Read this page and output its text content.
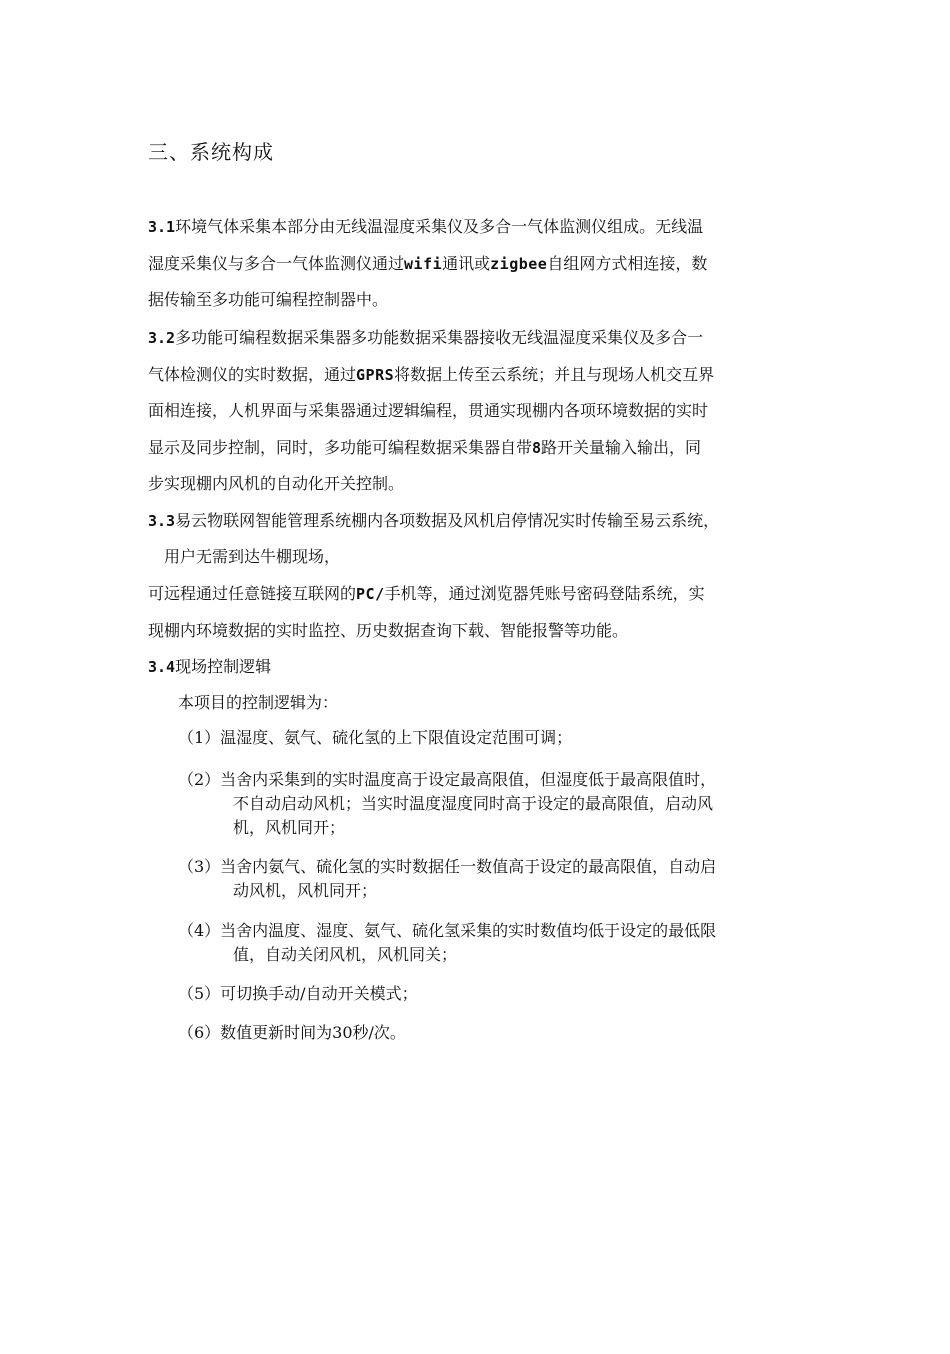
三、系统构成
3.1环境气体采集本部分由无线温湿度采集仪及多合一气体监测仪组成。无线温
湿度采集仪与多合一气体监测仪通过wifi通讯或zigbee自组网方式相连接，数
据传输至多功能可编程控制器中。
3.2多功能可编程数据采集器多功能数据采集器接收无线温湿度采集仪及多合一
气体检测仪的实时数据，通过GPRS将数据上传至云系统；并且与现场人机交互界
面相连接，人机界面与采集器通过逻辑编程，贯通实现棚内各项环境数据的实时
显示及同步控制，同时，多功能可编程数据采集器自带8路开关量输入输出，同
步实现棚内风机的自动化开关控制。
3.3易云物联网智能管理系统棚内各项数据及风机启停情况实时传输至易云系统，
用户无需到达牛棚现场，
可远程通过任意链接互联网的PC/手机等，通过浏览器凭账号密码登陆系统，实
现棚内环境数据的实时监控、历史数据查询下载、智能报警等功能。
3.4现场控制逻辑
本项目的控制逻辑为：
（1）温湿度、氨气、硫化氢的上下限值设定范围可调；
（2）当舍内采集到的实时温度高于设定最高限值，但湿度低于最高限值时，
不自动启动风机；当实时温度湿度同时高于设定的最高限值，启动风
机，风机同开；
（3）当舍内氨气、硫化氢的实时数据任一数值高于设定的最高限值，自动启
动风机，风机同开；
（4）当舍内温度、湿度、氨气、硫化氢采集的实时数值均低于设定的最低限
值，自动关闭风机，风机同关；
（5）可切换手动/自动开关模式；
（6）数值更新时间为30秒/次。
